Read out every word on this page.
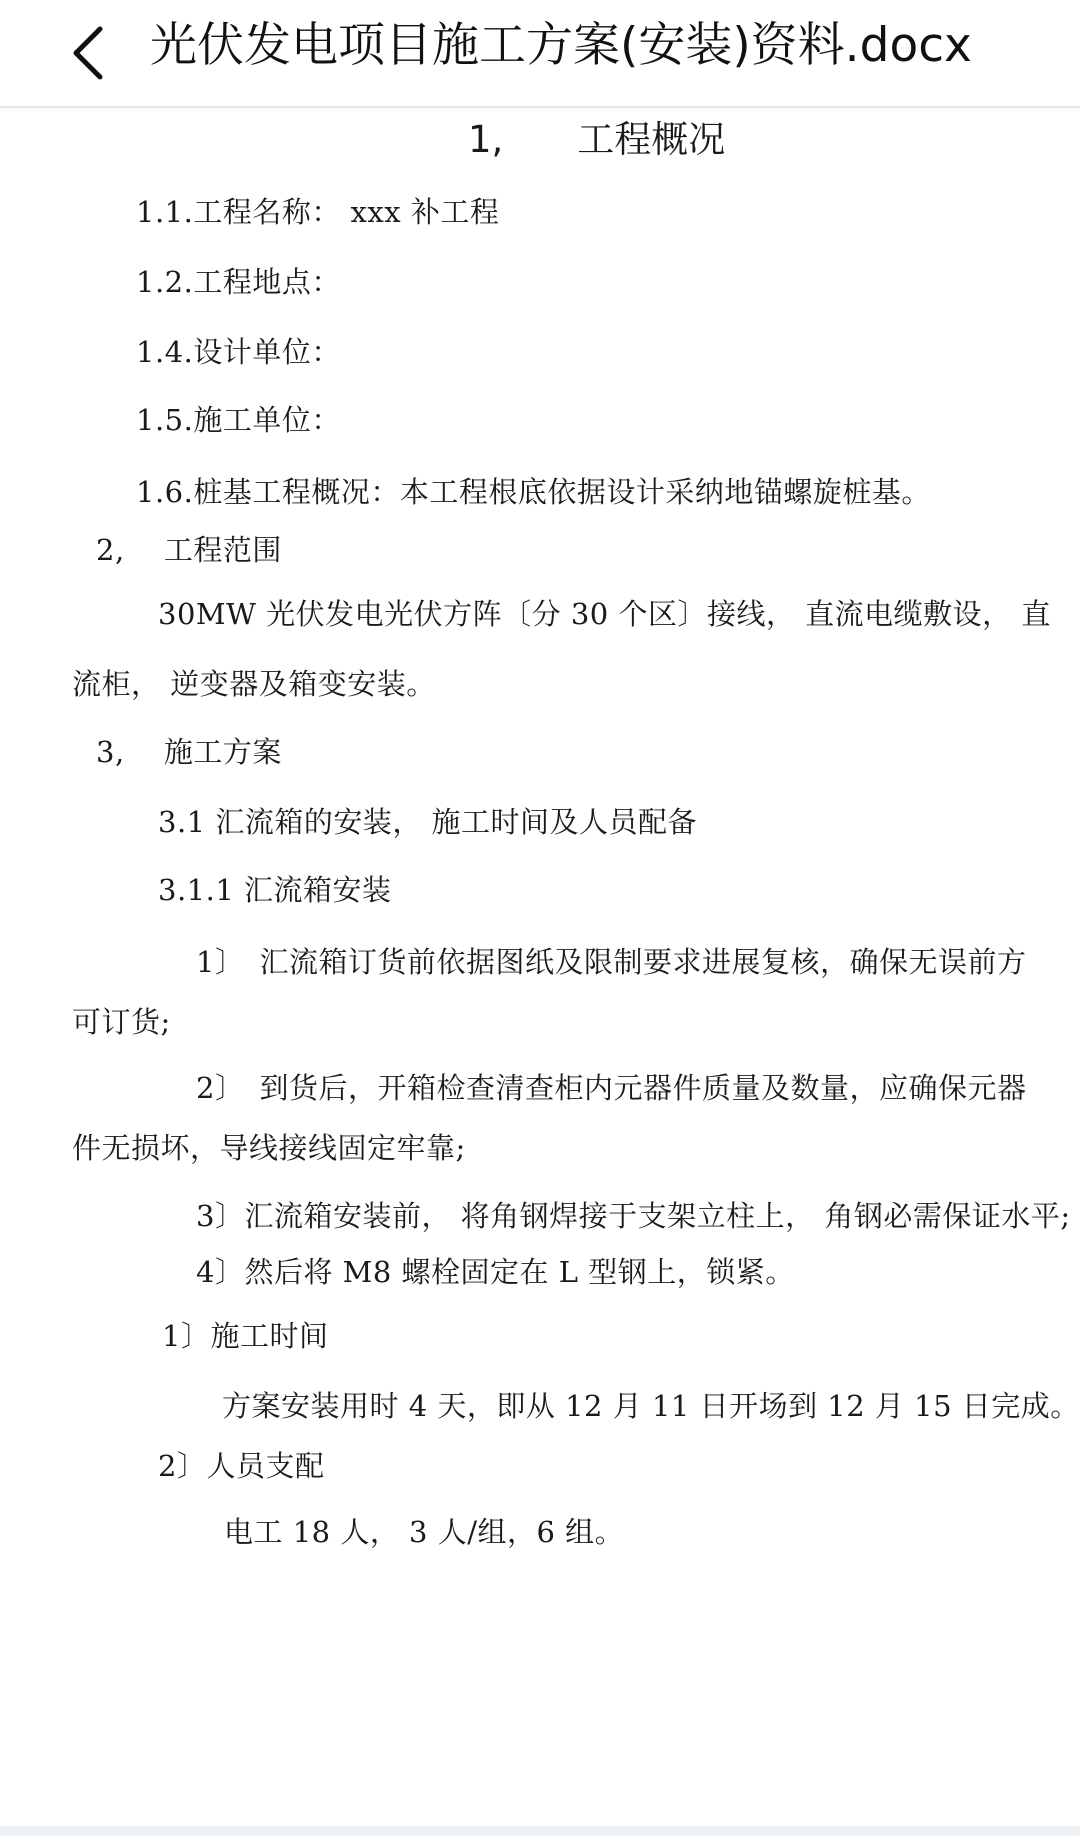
光伏发电项目施工方案(安装)资料.docx
1,　　工程概况
1.1.工程名称： xxx 补工程
1.2.工程地点：
1.4.设计单位：
1.5.施工单位：
1.6.桩基工程概况：本工程根底依据设计采纳地锚螺旋桩基。
2,　 工程范围
30MW 光伏发电光伏方阵〔分 30 个区〕接线， 直流电缆敷设， 直
流柜， 逆变器及箱变安装。
3,　 施工方案
3.1 汇流箱的安装， 施工时间及人员配备
3.1.1 汇流箱安装
1〕　汇流箱订货前依据图纸及限制要求进展复核，确保无误前方
可订货;
2〕　到货后，开箱检查清查柜内元器件质量及数量，应确保元器
件无损坏，导线接线固定牢靠;
3〕汇流箱安装前， 将角钢焊接于支架立柱上， 角钢必需保证水平;
4〕然后将 M8 螺栓固定在 L 型钢上，锁紧。
1〕施工时间
方案安装用时 4 天，即从 12 月 11 日开场到 12 月 15 日完成。
2〕人员支配
电工 18 人， 3 人/组，6 组。
